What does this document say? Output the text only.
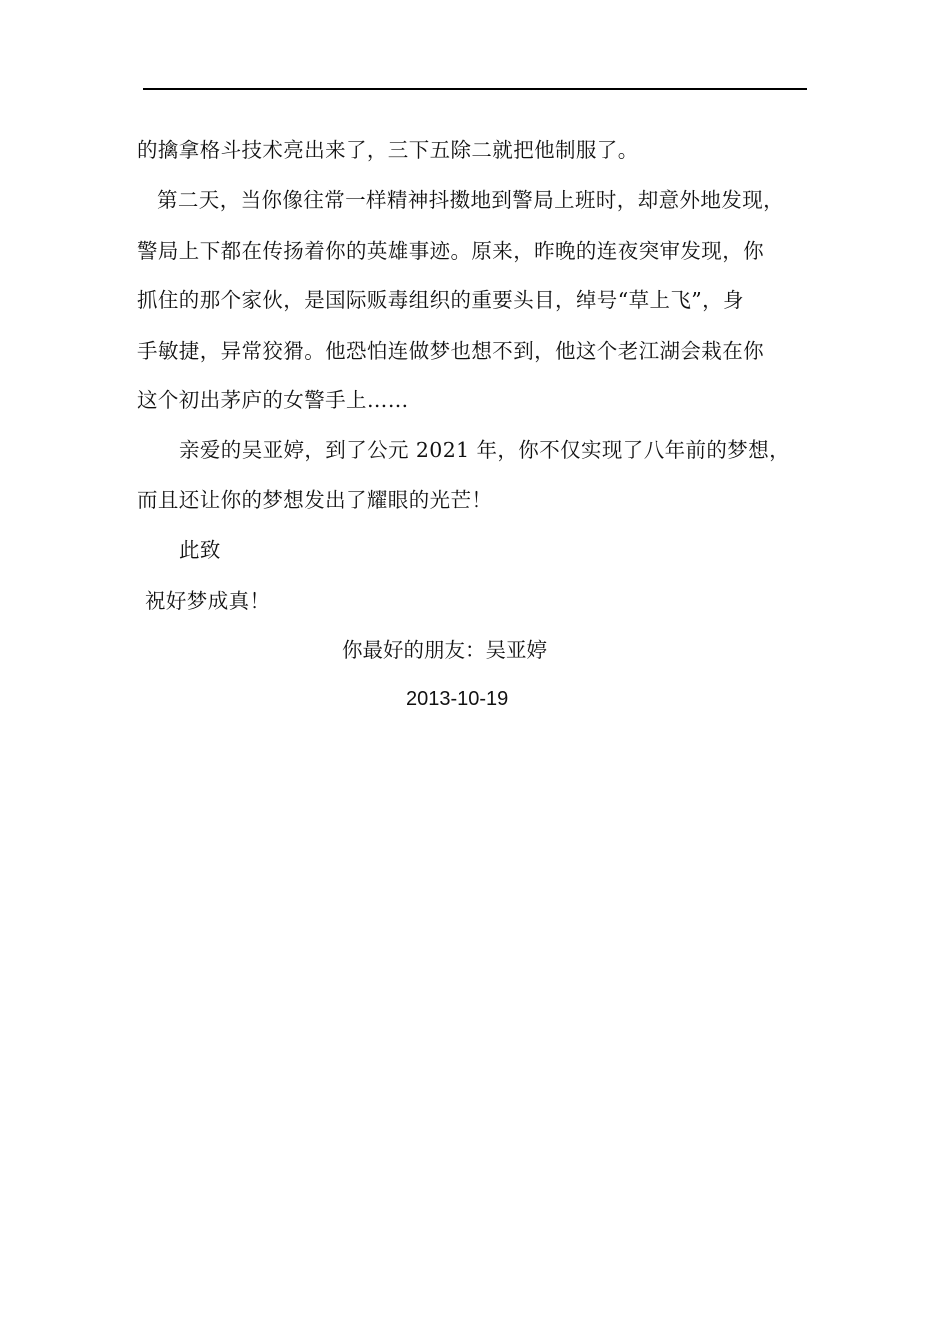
的擒拿格斗技术亮出来了，三下五除二就把他制服了。
第二天，当你像往常一样精神抖擞地到警局上班时，却意外地发现，
警局上下都在传扬着你的英雄事迹。原来，昨晚的连夜突审发现，你
抓住的那个家伙，是国际贩毒组织的重要头目，绰号“草上飞”，身
手敏捷，异常狡猾。他恐怕连做梦也想不到，他这个老江湖会栽在你
这个初出茅庐的女警手上……
亲爱的吴亚婷，到了公元 2021 年，你不仅实现了八年前的梦想，
而且还让你的梦想发出了耀眼的光芒！
此致
祝好梦成真！
你最好的朋友：吴亚婷
2013-10-19
